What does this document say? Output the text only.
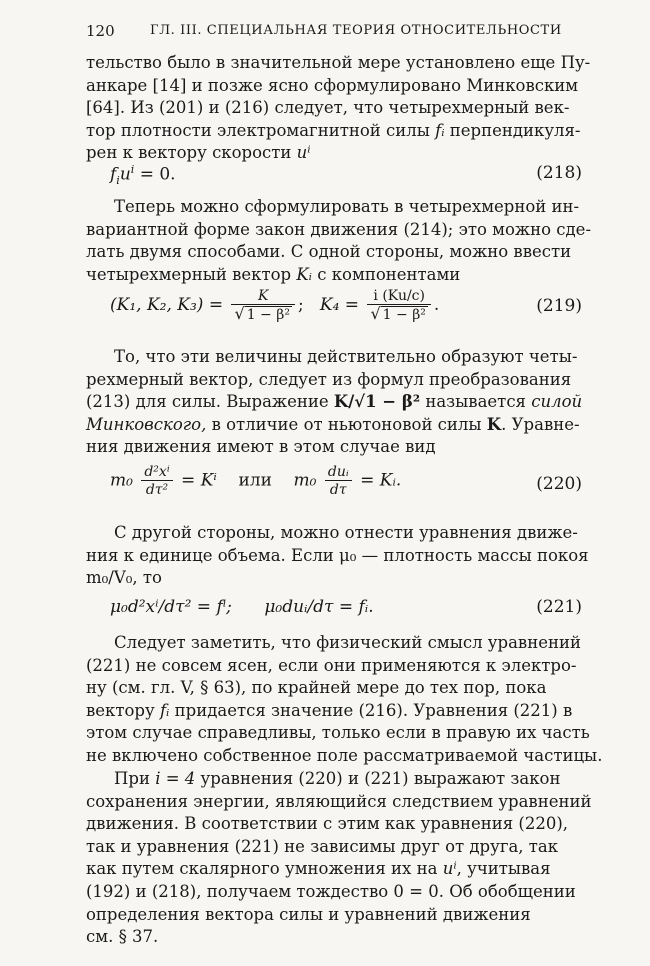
120	ГЛ. III. СПЕЦИАЛЬНАЯ ТЕОРИЯ ОТНОСИТЕЛЬНОСТИ
тельство было в значительной мере установлено еще Пу-
анкаре [14] и позже ясно сформулировано Минковским
[64]. Из (201) и (216) следует, что четырехмерный век-
тор плотности электромагнитной силы fᵢ перпендикуля-
рен к вектору скорости uⁱ
$f_iu^i = 0$.	(218)
Теперь можно сформулировать в четырехмерной ин-
вариантной форме закон движения (214); это можно сде-
лать двумя способами. С одной стороны, можно ввести
четырехмерный вектор Kᵢ с компонентами
(K₁, K₂, $K_3) = \frac{K}{\text{√ 1 − β²}}$ ; $K_4 = \frac{i (Ku/c)}{\text{√ 1 − β²}}$ .	(219)
То, что эти величины действительно образуют четы-
рехмерный вектор, следует из формул преобразования
(213) для силы. Выражение K/√1 − β² называется силой
Минковского, в отличие от ньютоновой силы K. Уравне-
ния движения имеют в этом случае вид
$m_0 \frac{\text{d²xⁱ}}{\text{dτ²}} = K^i$ или $m_0 \frac{\text{duᵢ}}{d\tau}$ = Kᵢ.	(220)
С другой стороны, можно отнести уравнения движе-
ния к единице объема. Если μ₀ — плотность массы покоя
m₀/V₀, то
μ₀d²xⁱ/dτ² = fⁱ; μ₀duᵢ/dτ = fᵢ.	(221)
Следует заметить, что физический смысл уравнений
(221) не совсем ясен, если они применяются к электро-
ну (см. гл. V, § 63), по крайней мере до тех пор, пока
вектору fᵢ придается значение (216). Уравнения (221) в
этом случае справедливы, только если в правую их часть
не включено собственное поле рассматриваемой частицы.
При i = 4 уравнения (220) и (221) выражают закон
сохранения энергии, являющийся следствием уравнений
движения. В соответствии с этим как уравнения (220),
так и уравнения (221) не зависимы друг от друга, так
как путем скалярного умножения их на uⁱ, учитывая
(192) и (218), получаем тождество 0 = 0. Об обобщении
определения вектора силы и уравнений движения
см. § 37.
